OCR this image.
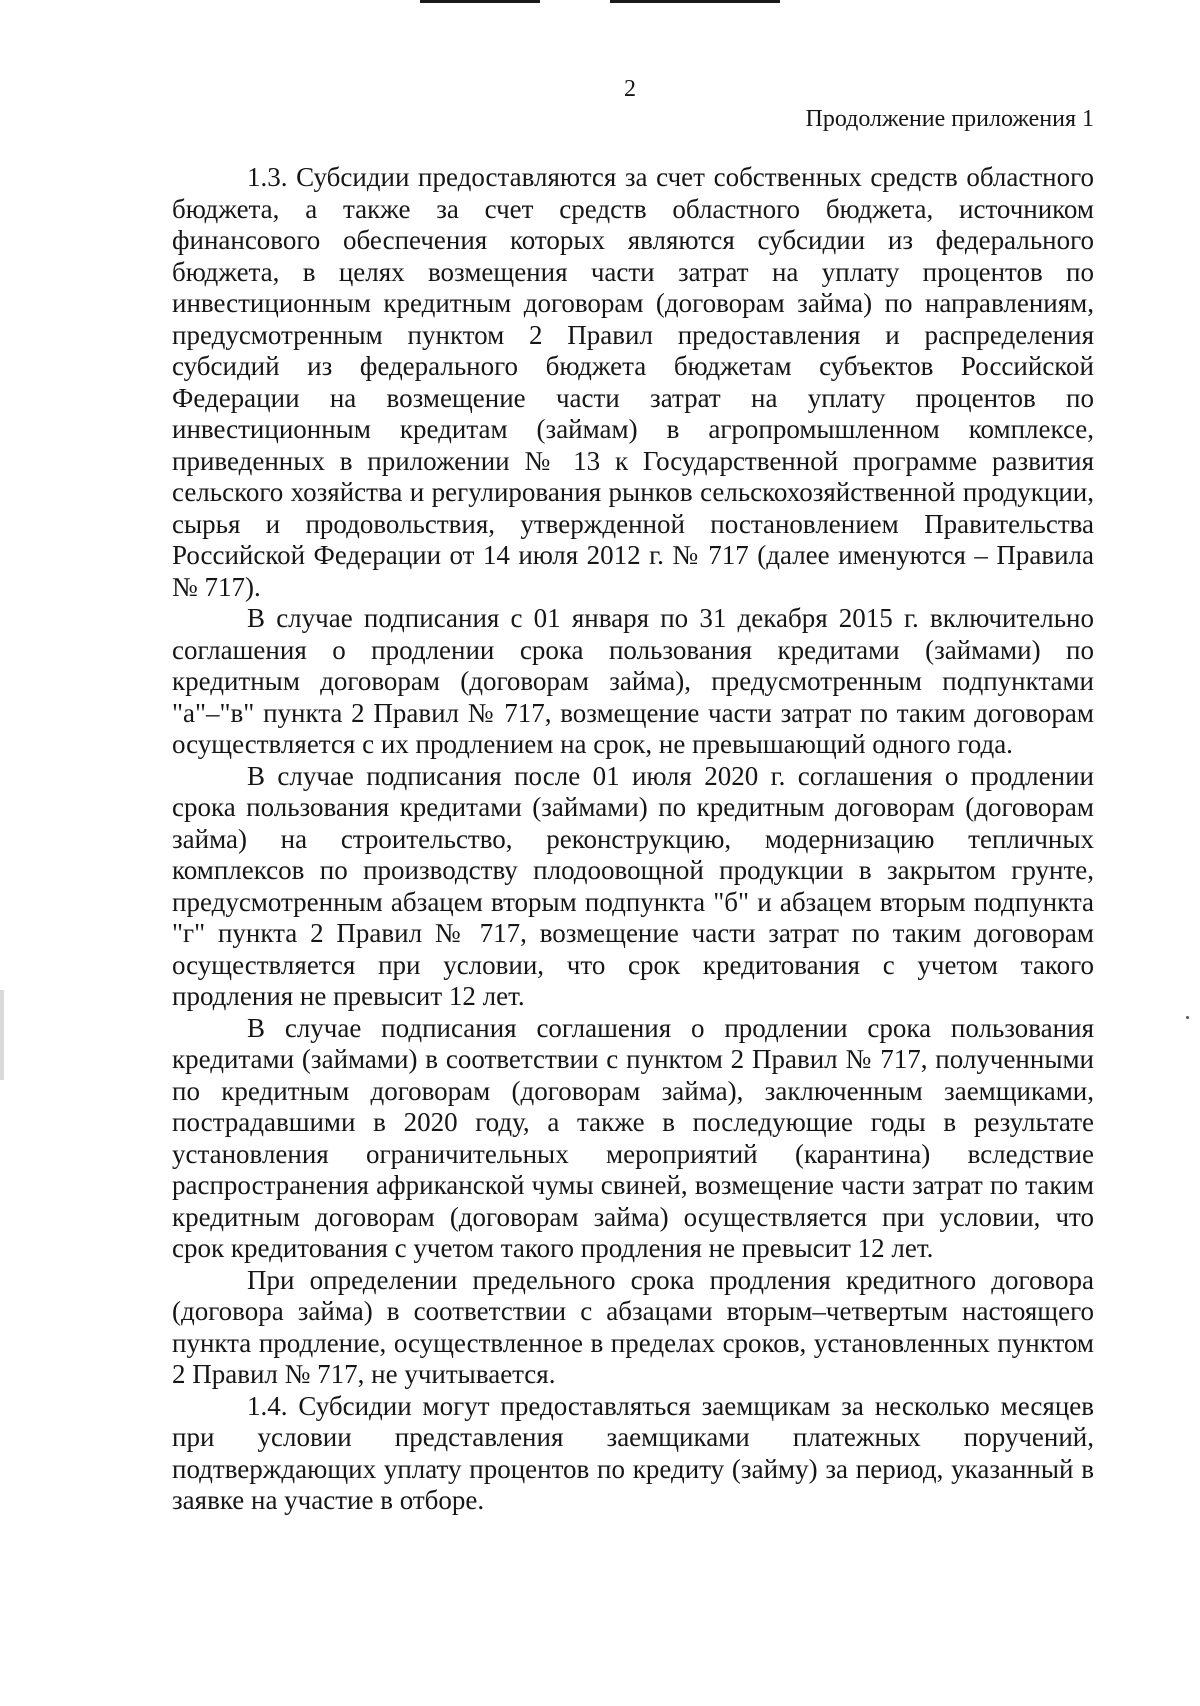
2
Продолжение приложения 1

1.3. Субсидии предоставляются за счет собственных средств областного бюджета, а также за счет средств областного бюджета, источником финансового обеспечения которых являются субсидии из федерального бюджета, в целях возмещения части затрат на уплату процентов по инвестиционным кредитным договорам (договорам займа) по направлениям, предусмотренным пунктом 2 Правил предоставления и распределения субсидий из федерального бюджета бюджетам субъектов Российской Федерации на возмещение части затрат на уплату процентов по инвестиционным кредитам (займам) в агропромышленном комплексе, приведенных в приложении № 13 к Государственной программе развития сельского хозяйства и регулирования рынков сельскохозяйственной продукции, сырья и продовольствия, утвержденной постановлением Правительства Российской Федерации от 14 июля 2012 г. № 717 (далее именуются – Правила № 717).

В случае подписания с 01 января по 31 декабря 2015 г. включительно соглашения о продлении срока пользования кредитами (займами) по кредитным договорам (договорам займа), предусмотренным подпунктами "а"–"в" пункта 2 Правил № 717, возмещение части затрат по таким договорам осуществляется с их продлением на срок, не превышающий одного года.

В случае подписания после 01 июля 2020 г. соглашения о продлении срока пользования кредитами (займами) по кредитным договорам (договорам займа) на строительство, реконструкцию, модернизацию тепличных комплексов по производству плодоовощной продукции в закрытом грунте, предусмотренным абзацем вторым подпункта "б" и абзацем вторым подпункта "г" пункта 2 Правил № 717, возмещение части затрат по таким договорам осуществляется при условии, что срок кредитования с учетом такого продления не превысит 12 лет.

В случае подписания соглашения о продлении срока пользования кредитами (займами) в соответствии с пунктом 2 Правил № 717, полученными по кредитным договорам (договорам займа), заключенным заемщиками, пострадавшими в 2020 году, а также в последующие годы в результате установления ограничительных мероприятий (карантина) вследствие распространения африканской чумы свиней, возмещение части затрат по таким кредитным договорам (договорам займа) осуществляется при условии, что срок кредитования с учетом такого продления не превысит 12 лет.

При определении предельного срока продления кредитного договора (договора займа) в соответствии с абзацами вторым–четвертым настоящего пункта продление, осуществленное в пределах сроков, установленных пунктом 2 Правил № 717, не учитывается.

1.4. Субсидии могут предоставляться заемщикам за несколько месяцев при условии представления заемщиками платежных поручений, подтверждающих уплату процентов по кредиту (займу) за период, указанный в заявке на участие в отборе.
